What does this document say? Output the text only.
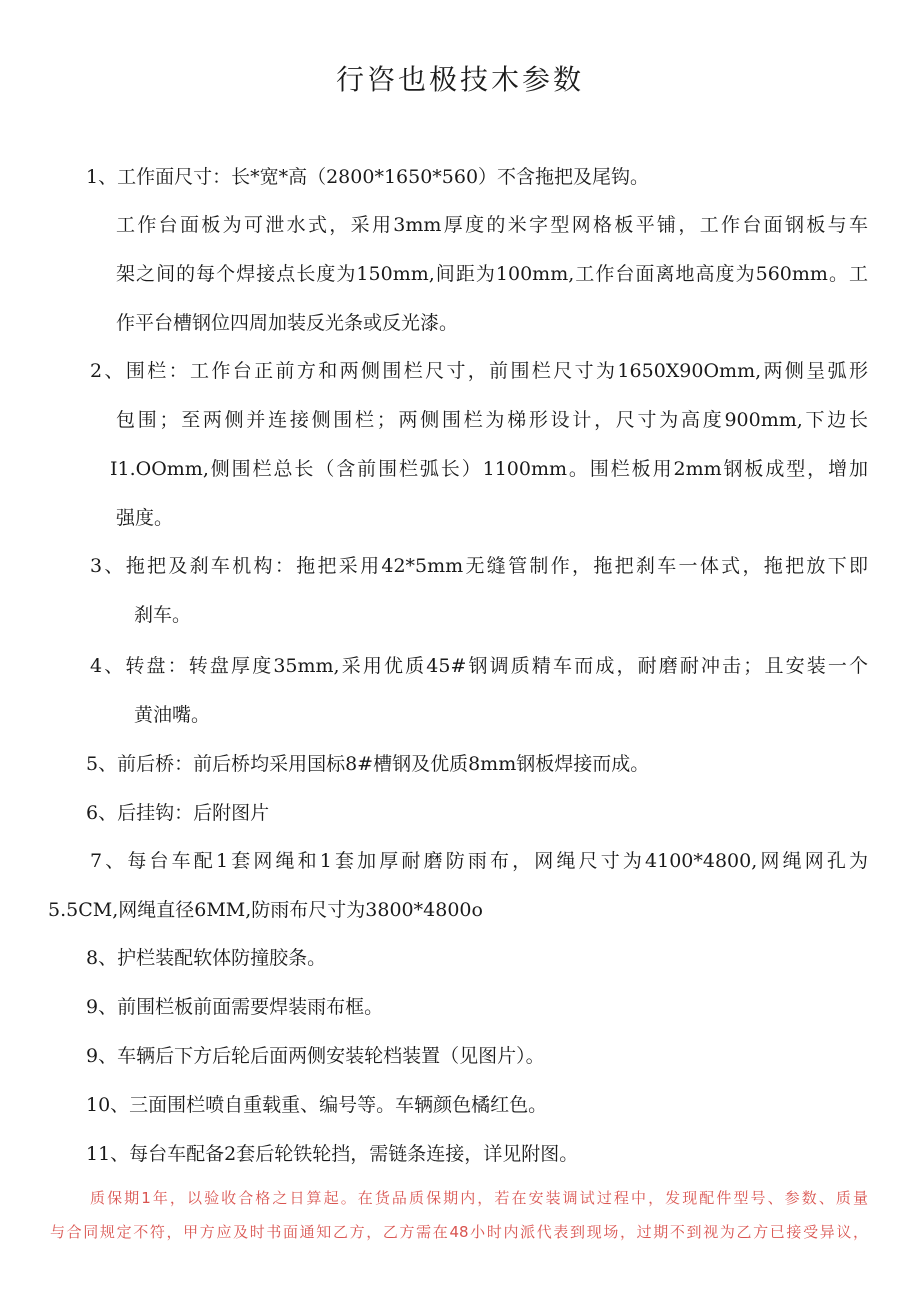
行咨也极技木参数

1、工作面尺寸：长*宽*高（2800*1650*560）不含拖把及尾钩。

工作台面板为可泄水式，采用3mm厚度的米字型网格板平铺，工作台面钢板与车

架之间的每个焊接点长度为150mm,间距为100mm,工作台面离地高度为560mm。工

作平台槽钢位四周加装反光条或反光漆。

2、围栏：工作台正前方和两侧围栏尺寸，前围栏尺寸为1650X90Omm,两侧呈弧形

包围；至两侧并连接侧围栏；两侧围栏为梯形设计，尺寸为高度900mm,下边长

I1.OOmm,侧围栏总长（含前围栏弧长）1100mm。围栏板用2mm钢板成型，增加

强度。

3、拖把及刹车机构：拖把采用42*5mm无缝管制作，拖把刹车一体式，拖把放下即

刹车。

4、转盘：转盘厚度35mm,采用优质45#钢调质精车而成，耐磨耐冲击；且安装一个

黄油嘴。

5、前后桥：前后桥均采用国标8#槽钢及优质8mm钢板焊接而成。

6、后挂钩：后附图片

7、每台车配1套网绳和1套加厚耐磨防雨布，网绳尺寸为4100*4800,网绳网孔为

5.5CM,网绳直径6MM,防雨布尺寸为3800*4800o

8、护栏装配软体防撞胶条。

9、前围栏板前面需要焊装雨布框。

9、车辆后下方后轮后面两侧安装轮档装置（见图片）。

10、三面围栏喷自重载重、编号等。车辆颜色橘红色。

11、每台车配备2套后轮铁轮挡，需链条连接，详见附图。

质保期1年，以验收合格之日算起。在货品质保期内，若在安装调试过程中，发现配件型号、参数、质量

与合同规定不符，甲方应及时书面通知乙方，乙方需在48小时内派代表到现场，过期不到视为乙方已接受异议，
